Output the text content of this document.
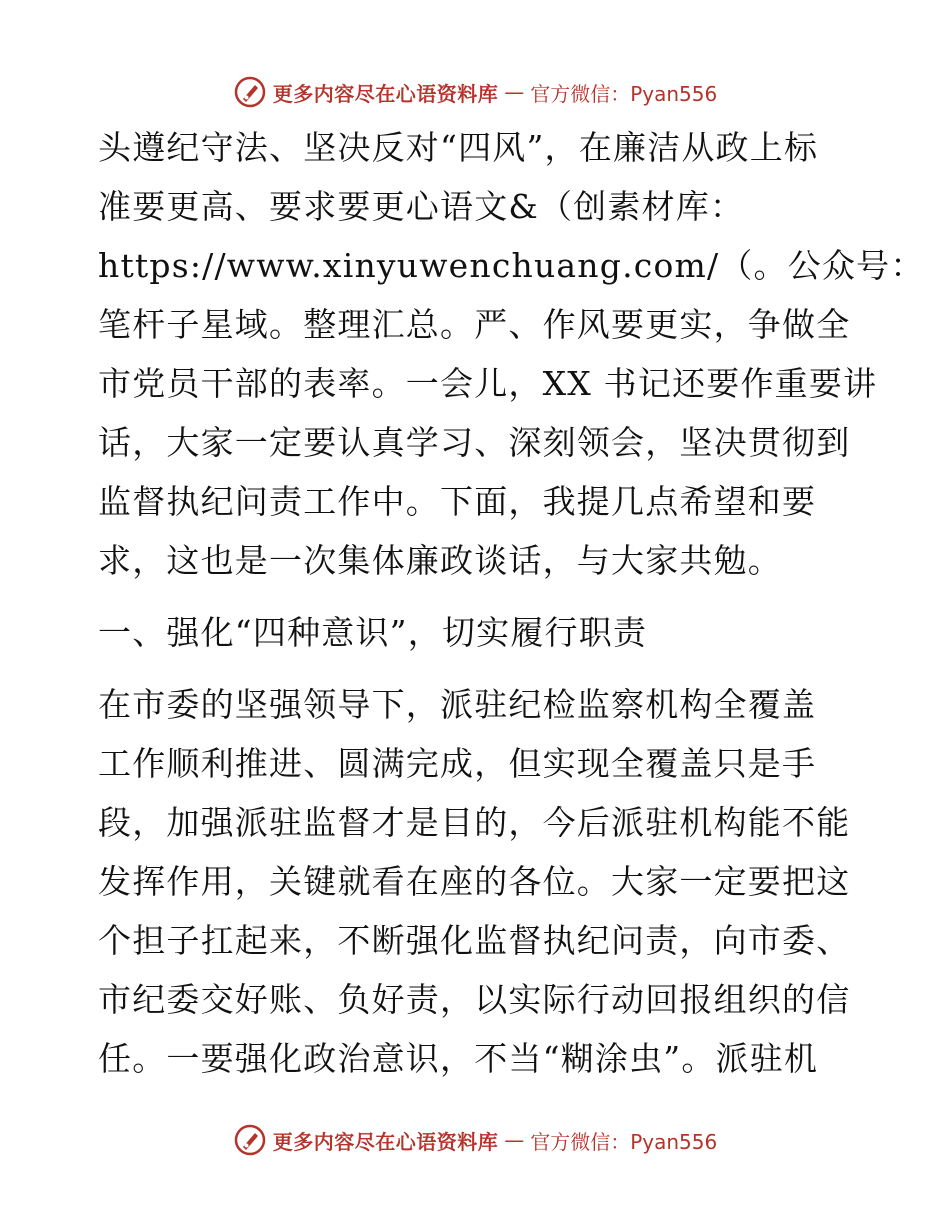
更多内容尽在心语资料库 — 官方微信：Pyan556
头遵纪守法、坚决反对“四风”，在廉洁从政上标
准要更高、要求要更心语文&（创素材库：
https://www.xinyuwenchuang.com/（。公众号：
笔杆子星域。整理汇总。严、作风要更实，争做全
市党员干部的表率。一会儿，XX 书记还要作重要讲
话，大家一定要认真学习、深刻领会，坚决贯彻到
监督执纪问责工作中。下面，我提几点希望和要
求，这也是一次集体廉政谈话，与大家共勉。
一、强化“四种意识”，切实履行职责
在市委的坚强领导下，派驻纪检监察机构全覆盖
工作顺利推进、圆满完成，但实现全覆盖只是手
段，加强派驻监督才是目的，今后派驻机构能不能
发挥作用，关键就看在座的各位。大家一定要把这
个担子扛起来，不断强化监督执纪问责，向市委、
市纪委交好账、负好责，以实际行动回报组织的信
任。一要强化政治意识，不当“糊涂虫”。派驻机
更多内容尽在心语资料库 — 官方微信：Pyan556
